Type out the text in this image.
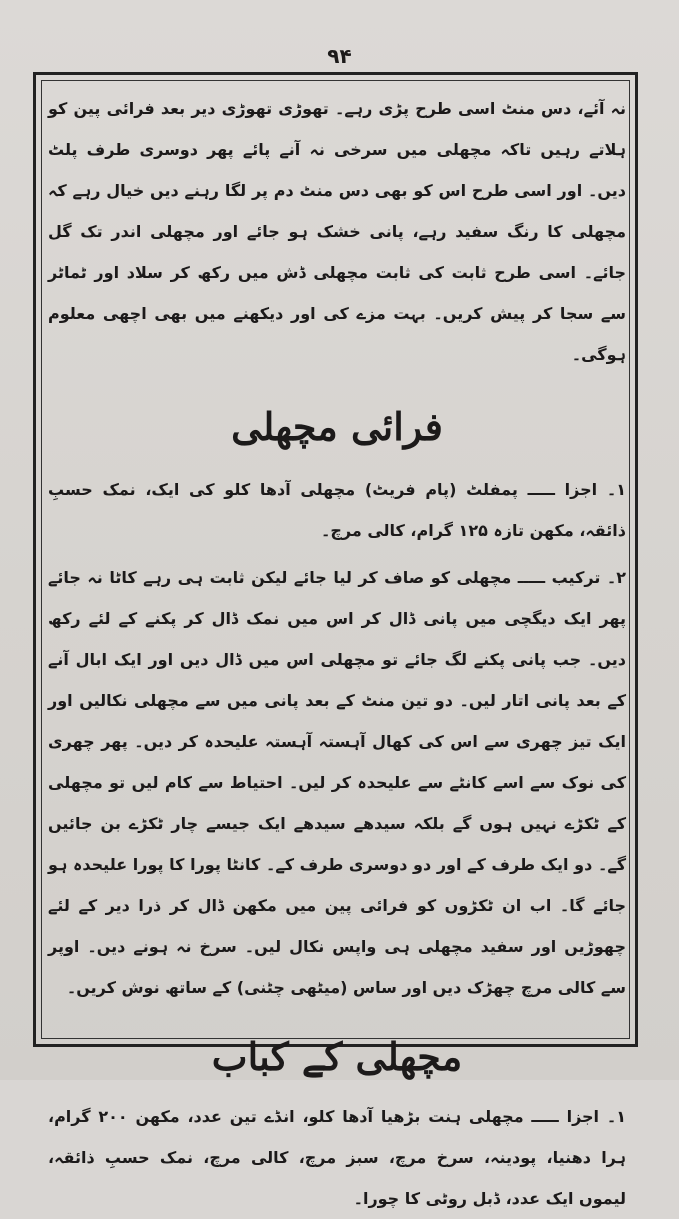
۹۴

نہ آئے، دس منٹ اسی طرح پڑی رہے۔ تھوڑی تھوڑی دیر بعد فرائی پین کو ہلاتے رہیں تاکہ مچھلی میں سرخی نہ آنے پائے پھر دوسری طرف پلٹ دیں۔ اور اسی طرح اس کو بھی دس منٹ دم پر لگا رہنے دیں خیال رہے کہ مچھلی کا رنگ سفید رہے، پانی خشک ہو جائے اور مچھلی اندر تک گل جائے۔ اسی طرح ثابت کی ثابت مچھلی ڈش میں رکھ کر سلاد اور ٹماٹر سے سجا کر پیش کریں۔ بہت مزے کی اور دیکھنے میں بھی اچھی معلوم ہوگی۔

فرائی مچھلی

۱۔ اجزا ـــــ پمفلٹ (پام فریٹ) مچھلی آدھا کلو کی ایک، نمک حسبِ ذائقہ، مکھن تازہ ۱۲۵ گرام، کالی مرچ۔

۲۔ ترکیب ـــــ مچھلی کو صاف کر لیا جائے لیکن ثابت ہی رہے کاٹا نہ جائے پھر ایک دیگچی میں پانی ڈال کر اس میں نمک ڈال کر پکنے کے لئے رکھ دیں۔ جب پانی پکنے لگ جائے تو مچھلی اس میں ڈال دیں اور ایک ابال آنے کے بعد پانی اتار لیں۔ دو تین منٹ کے بعد پانی میں سے مچھلی نکالیں اور ایک تیز چھری سے اس کی کھال آہستہ آہستہ علیحدہ کر دیں۔ پھر چھری کی نوک سے اسے کانٹے سے علیحدہ کر لیں۔ احتیاط سے کام لیں تو مچھلی کے ٹکڑے نہیں ہوں گے بلکہ سیدھے سیدھے ایک جیسے چار ٹکڑے بن جائیں گے۔ دو ایک طرف کے اور دو دوسری طرف کے۔ کانٹا پورا کا پورا علیحدہ ہو جائے گا۔ اب ان ٹکڑوں کو فرائی پین میں مکھن ڈال کر ذرا دیر کے لئے چھوڑیں اور سفید مچھلی ہی واپس نکال لیں۔ سرخ نہ ہونے دیں۔ اوپر سے کالی مرچ چھڑک دیں اور ساس (میٹھی چٹنی) کے ساتھ نوش کریں۔

مچھلی کے کباب

۱۔ اجزا ـــــ مچھلی ہنت بڑھیا آدھا کلو، انڈے تین عدد، مکھن ۲۰۰ گرام، ہرا دھنیا، پودینہ، سرخ مرچ، سبز مرچ، کالی مرچ، نمک حسبِ ذائقہ، لیموں ایک عدد، ڈبل روٹی کا چورا۔
